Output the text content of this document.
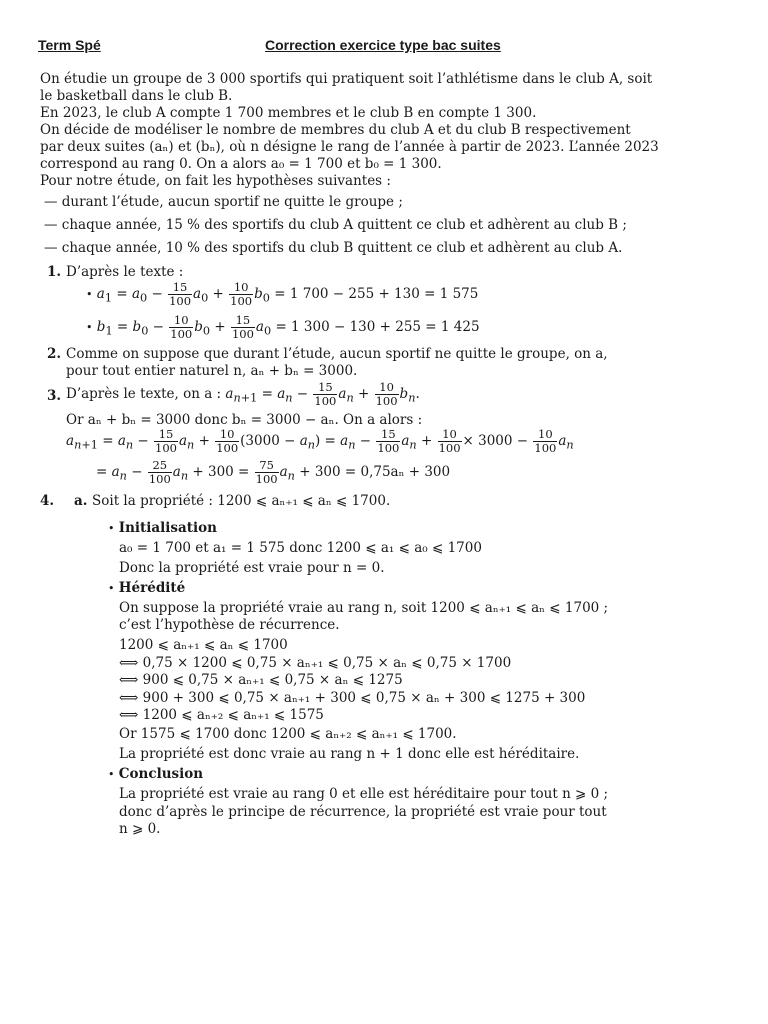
Term Spé	Correction exercice type bac suites
On étudie un groupe de 3 000 sportifs qui pratiquent soit l’athlétisme dans le club A, soit
le basketball dans le club B.
En 2023, le club A compte 1 700 membres et le club B en compte 1 300.
On décide de modéliser le nombre de membres du club A et du club B respectivement
par deux suites (aₙ) et (bₙ), où n désigne le rang de l’année à partir de 2023. L’année 2023
correspond au rang 0. On a alors a₀ = 1 700 et b₀ = 1 300.
Pour notre étude, on fait les hypothèses suivantes :
— durant l’étude, aucun sportif ne quitte le groupe ;
— chaque année, 15 % des sportifs du club A quittent ce club et adhèrent au club B ;
— chaque année, 10 % des sportifs du club B quittent ce club et adhèrent au club A.
1. D’après le texte :
• $a_1 = a_0 - \frac{15}{100} a_0 + \frac{10}{100} b_0 = 1$ 700 − 255 + 130 = 1 575
• $b_1 = b_0 - \frac{10}{100} b_0 + \frac{15}{100} a_0 = 1$ 300 − 130 + 255 = 1 425
2. Comme on suppose que durant l’étude, aucun sportif ne quitte le groupe, on a,
pour tout entier naturel n, aₙ + bₙ = 3000.
3. D’après le texte, on a : $a_{n+1} = a_n - \frac{15}{100} a_n + \frac{10}{100} b_n$.
Or aₙ + bₙ = 3000 donc bₙ = 3000 − aₙ. On a alors :
$a_{n+1} = a_n - \frac{15}{100} a_n + \frac{10}{100} (3000 - a_n) = a_n - \frac{15}{100} a_n + \frac{10}{100} \times 3000 - \frac{10}{100} a_n$
= $a_n - \frac{25}{100} a_n + 300 = \frac{75}{100} a_n + 300 = 0,75a_n + 300$
4. a. Soit la propriété : 1200 ⩽ aₙ₊₁ ⩽ aₙ ⩽ 1700.
• Initialisation
a₀ = 1 700 et a₁ = 1 575 donc 1200 ⩽ a₁ ⩽ a₀ ⩽ 1700
Donc la propriété est vraie pour n = 0.
• Hérédité
On suppose la propriété vraie au rang n, soit 1200 ⩽ aₙ₊₁ ⩽ aₙ ⩽ 1700 ;
c’est l’hypothèse de récurrence.
1200 ⩽ aₙ₊₁ ⩽ aₙ ⩽ 1700
⟺ 0,75 × 1200 ⩽ 0,75 × aₙ₊₁ ⩽ 0,75 × aₙ ⩽ 0,75 × 1700
⟺ 900 ⩽ 0,75 × aₙ₊₁ ⩽ 0,75 × aₙ ⩽ 1275
⟺ 900 + 300 ⩽ 0,75 × aₙ₊₁ + 300 ⩽ 0,75 × aₙ + 300 ⩽ 1275 + 300
⟺ 1200 ⩽ aₙ₊₂ ⩽ aₙ₊₁ ⩽ 1575
Or 1575 ⩽ 1700 donc 1200 ⩽ aₙ₊₂ ⩽ aₙ₊₁ ⩽ 1700.
La propriété est donc vraie au rang n + 1 donc elle est héréditaire.
• Conclusion
La propriété est vraie au rang 0 et elle est héréditaire pour tout n ⩾ 0 ;
donc d’après le principe de récurrence, la propriété est vraie pour tout
n ⩾ 0.
